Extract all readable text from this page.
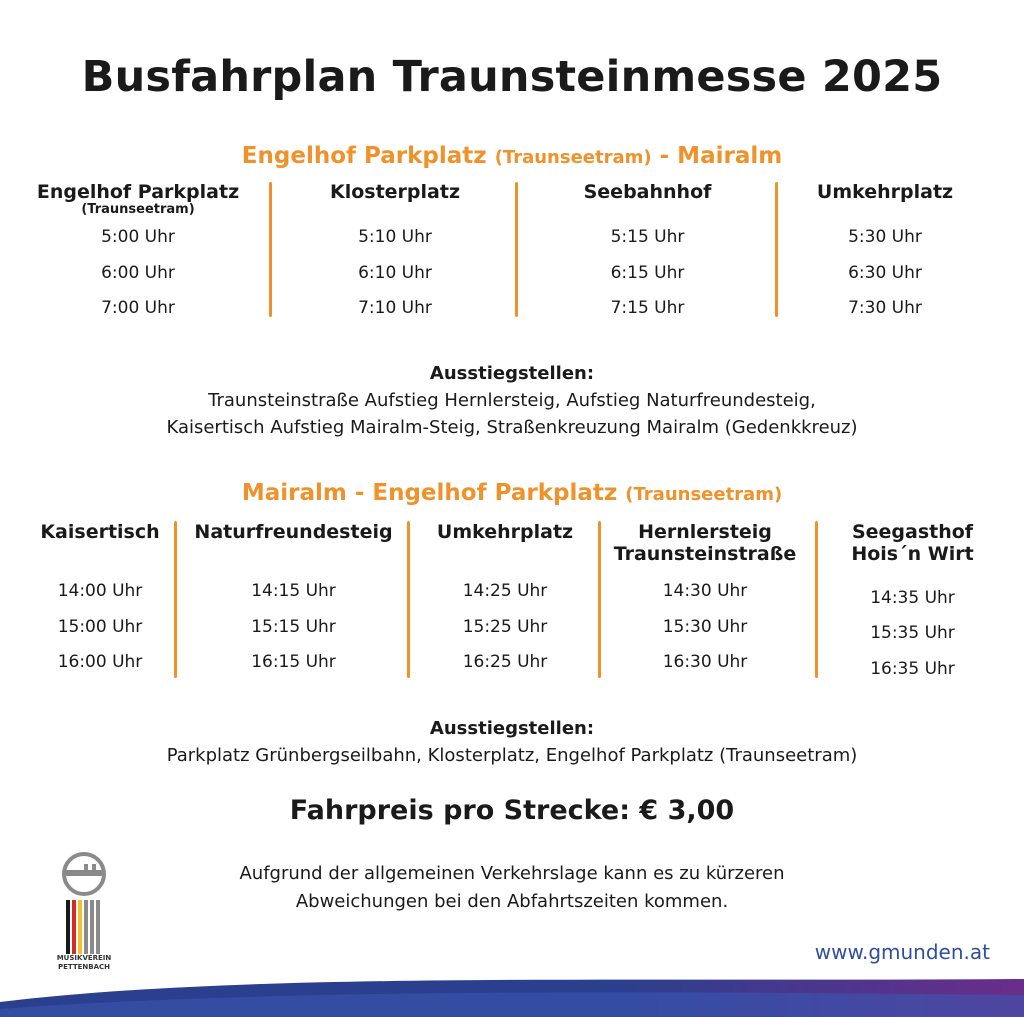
Busfahrplan Traunsteinmesse 2025
Engelhof Parkplatz (Traunseetram) - Mairalm
Engelhof Parkplatz
(Traunseetram)
5:00 Uhr
6:00 Uhr
7:00 Uhr
Klosterplatz
5:10 Uhr
6:10 Uhr
7:10 Uhr
Seebahnhof
5:15 Uhr
6:15 Uhr
7:15 Uhr
Umkehrplatz
5:30 Uhr
6:30 Uhr
7:30 Uhr
Ausstiegstellen:
Traunsteinstraße Aufstieg Hernlersteig, Aufstieg Naturfreundesteig,
Kaisertisch Aufstieg Mairalm-Steig, Straßenkreuzung Mairalm (Gedenkkreuz)
Mairalm - Engelhof Parkplatz (Traunseetram)
Kaisertisch
14:00 Uhr
15:00 Uhr
16:00 Uhr
Naturfreundesteig
14:15 Uhr
15:15 Uhr
16:15 Uhr
Umkehrplatz
14:25 Uhr
15:25 Uhr
16:25 Uhr
Hernlersteig
Traunsteinstraße
14:30 Uhr
15:30 Uhr
16:30 Uhr
Seegasthof
Hois´n Wirt
14:35 Uhr
15:35 Uhr
16:35 Uhr
Ausstiegstellen:
Parkplatz Grünbergseilbahn, Klosterplatz, Engelhof Parkplatz (Traunseetram)
Fahrpreis pro Strecke: € 3,00
Aufgrund der allgemeinen Verkehrslage kann es zu kürzeren
Abweichungen bei den Abfahrtszeiten kommen.
MUSIKVEREIN
PETTENBACH
www.gmunden.at
